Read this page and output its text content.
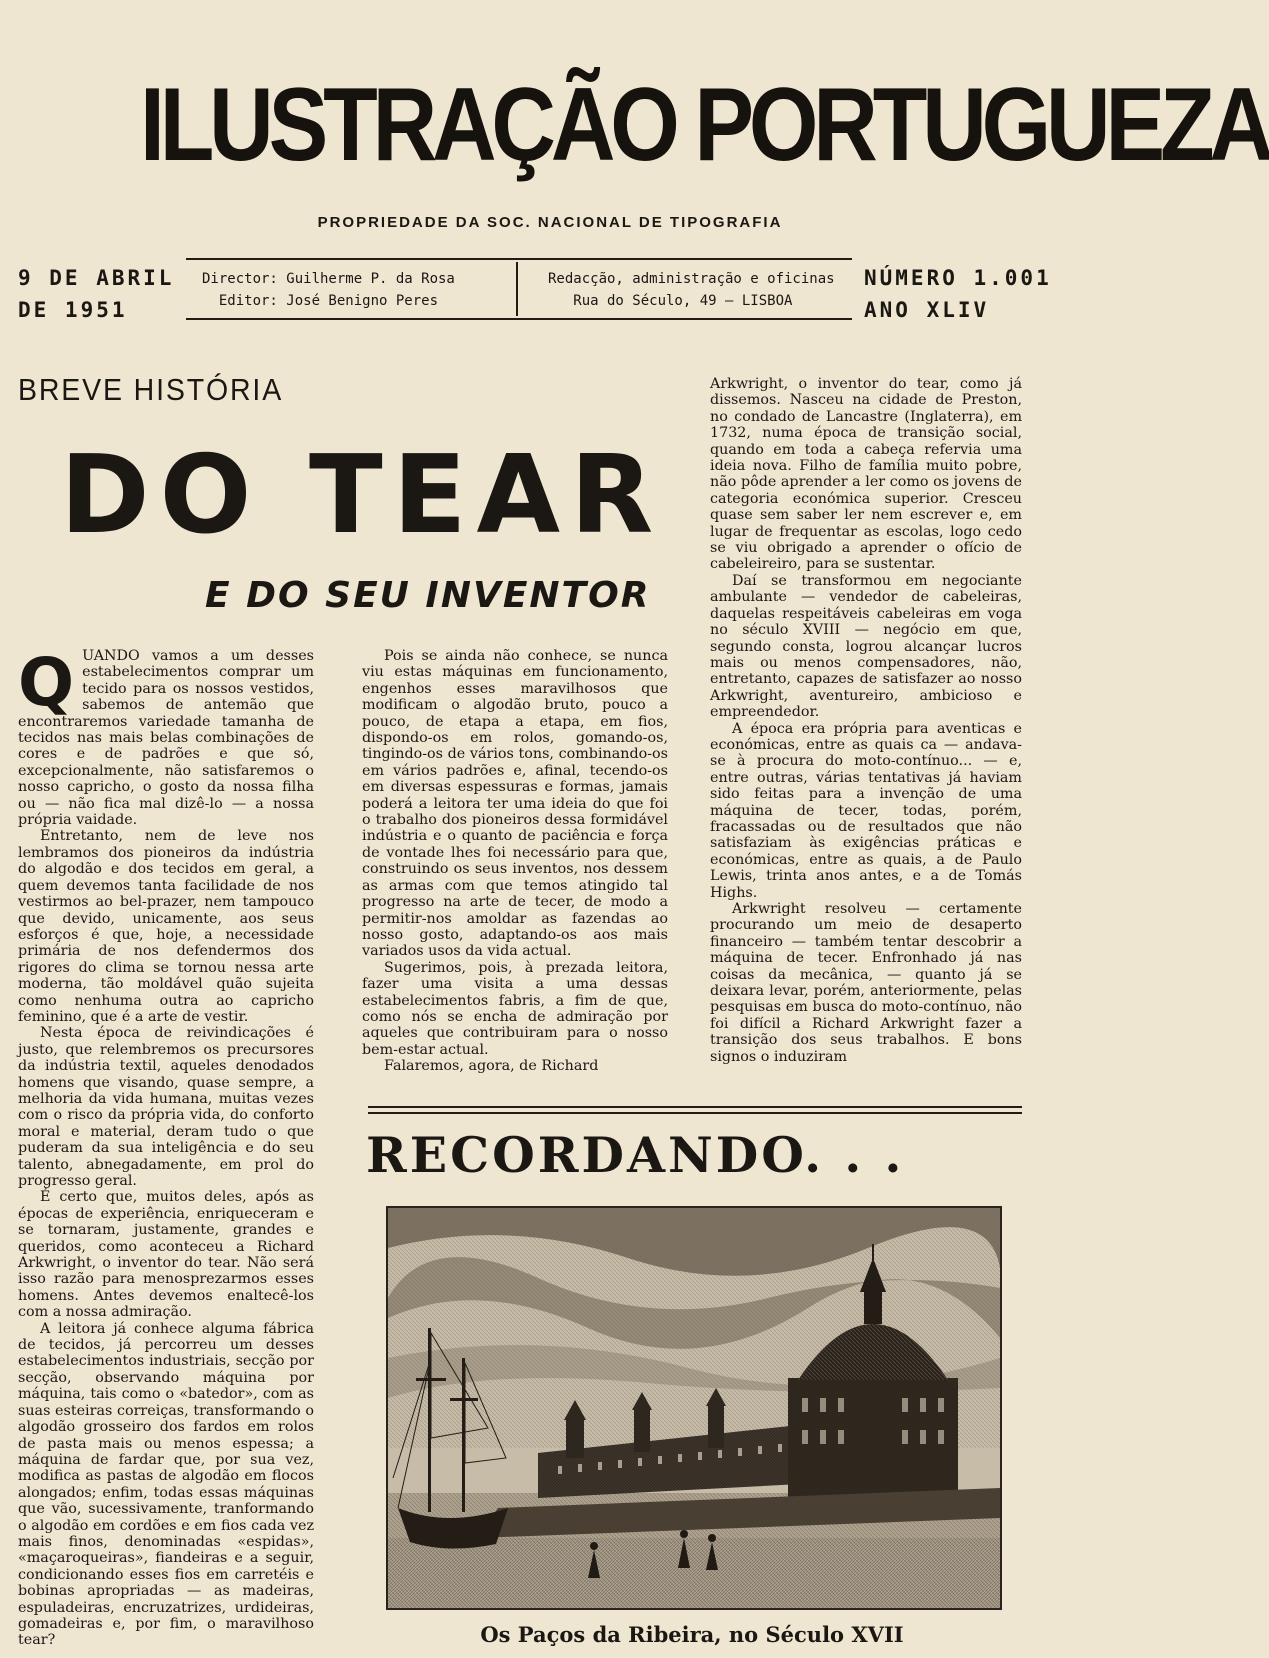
ILUSTRAÇÃO PORTUGUEZA
PROPRIEDADE DA SOC. NACIONAL DE TIPOGRAFIA
9 DE ABRIL
DE 1951
Director: Guilherme P. da Rosa
Editor: José Benigno Peres
Redacção, administração e oficinas
Rua do Século, 49 — LISBOA
NÚMERO 1.001
ANO XLIV
BREVE HISTÓRIA
DO TEAR
E DO SEU INVENTOR
Q UANDO vamos a um desses estabelecimentos comprar um tecido para os nossos vestidos, sabemos de antemão que encontraremos variedade tamanha de tecidos nas mais belas combinações de cores e de padrões e que só, excepcionalmente, não satisfaremos o nosso capricho, o gosto da nossa filha ou — não fica mal dizê-lo — a nossa própria vaidade.

Entretanto, nem de leve nos lembramos dos pioneiros da indústria do algodão e dos tecidos em geral, a quem devemos tanta facilidade de nos vestirmos ao bel-prazer, nem tampouco que devido, unicamente, aos seus esforços é que, hoje, a necessidade primária de nos defendermos dos rigores do clima se tornou nessa arte moderna, tão moldável quão sujeita como nenhuma outra ao capricho feminino, que é a arte de vestir.

Nesta época de reivindicações é justo, que relembremos os precursores da indústria textil, aqueles denodados homens que visando, quase sempre, a melhoria da vida humana, muitas vezes com o risco da própria vida, do conforto moral e material, deram tudo o que puderam da sua inteligência e do seu talento, abnegadamente, em prol do progresso geral.

É certo que, muitos deles, após as épocas de experiência, enriqueceram e se tornaram, justamente, grandes e queridos, como aconteceu a Richard Arkwright, o inventor do tear. Não será isso razão para menosprezarmos esses homens. Antes devemos enaltecê-los com a nossa admiração.

A leitora já conhece alguma fábrica de tecidos, já percorreu um desses estabelecimentos industriais, secção por secção, observando máquina por máquina, tais como o «batedor», com as suas esteiras correiças, transformando o algodão grosseiro dos fardos em rolos de pasta mais ou menos espessa; a máquina de fardar que, por sua vez, modifica as pastas de algodão em flocos alongados; enfim, todas essas máquinas que vão, sucessivamente, tranformando o algodão em cordões e em fios cada vez mais finos, denominadas «espidas», «maçaroqueiras», fiandeiras e a seguir, condicionando esses fios em carretéis e bobinas apropriadas — as madeiras, espuladeiras, encruzatrizes, urdideiras, gomadeiras e, por fim, o maravilhoso tear?

Pois se ainda não conhece, se nunca viu estas máquinas em funcionamento, engenhos esses maravilhosos que modificam o algodão bruto, pouco a pouco, de etapa a etapa, em fios, dispondo-os em rolos, gomando-os, tingindo-os de vários tons, combinando-os em vários padrões e, afinal, tecendo-os em diversas espessuras e formas, jamais poderá a leitora ter uma ideia do que foi o trabalho dos pioneiros dessa formidável indústria e o quanto de paciência e força de vontade lhes foi necessário para que, construindo os seus inventos, nos dessem as armas com que temos atingido tal progresso na arte de tecer, de modo a permitir-nos amoldar as fazendas ao nosso gosto, adaptando-os aos mais variados usos da vida actual.

Sugerimos, pois, à prezada leitora, fazer uma visita a uma dessas estabelecimentos fabris, a fim de que, como nós se encha de admiração por aqueles que contribuiram para o nosso bem-estar actual.

Falaremos, agora, de Richard

Arkwright, o inventor do tear, como já dissemos. Nasceu na cidade de Preston, no condado de Lancastre (Inglaterra), em 1732, numa época de transição social, quando em toda a cabeça refervia uma ideia nova. Filho de família muito pobre, não pôde aprender a ler como os jovens de categoria económica superior. Cresceu quase sem saber ler nem escrever e, em lugar de frequentar as escolas, logo cedo se viu obrigado a aprender o ofício de cabeleireiro, para se sustentar.

Daí se transformou em negociante ambulante — vendedor de cabeleiras, daquelas respeitáveis cabeleiras em voga no século XVIII — negócio em que, segundo consta, logrou alcançar lucros mais ou menos compensadores, não, entretanto, capazes de satisfazer ao nosso Arkwright, aventureiro, ambicioso e empreendedor.

A época era própria para aventicas e económicas, entre as quais ca — andava-se à procura do moto-contínuo... — e, entre outras, várias tentativas já haviam sido feitas para a invenção de uma máquina de tecer, todas, porém, fracassadas ou de resultados que não satisfaziam às exigências práticas e económicas, entre as quais, a de Paulo Lewis, trinta anos antes, e a de Tomás Highs.

Arkwright resolveu — certamente procurando um meio de desaperto financeiro — também tentar descobrir a máquina de tecer. Enfronhado já nas coisas da mecânica, — quanto já se deixara levar, porém, anteriormente, pelas pesquisas em busca do moto-contínuo, não foi difícil a Richard Arkwright fazer a transição dos seus trabalhos. E bons signos o induziram

RECORDANDO. . .
Os Paços da Ribeira, no Século XVII
